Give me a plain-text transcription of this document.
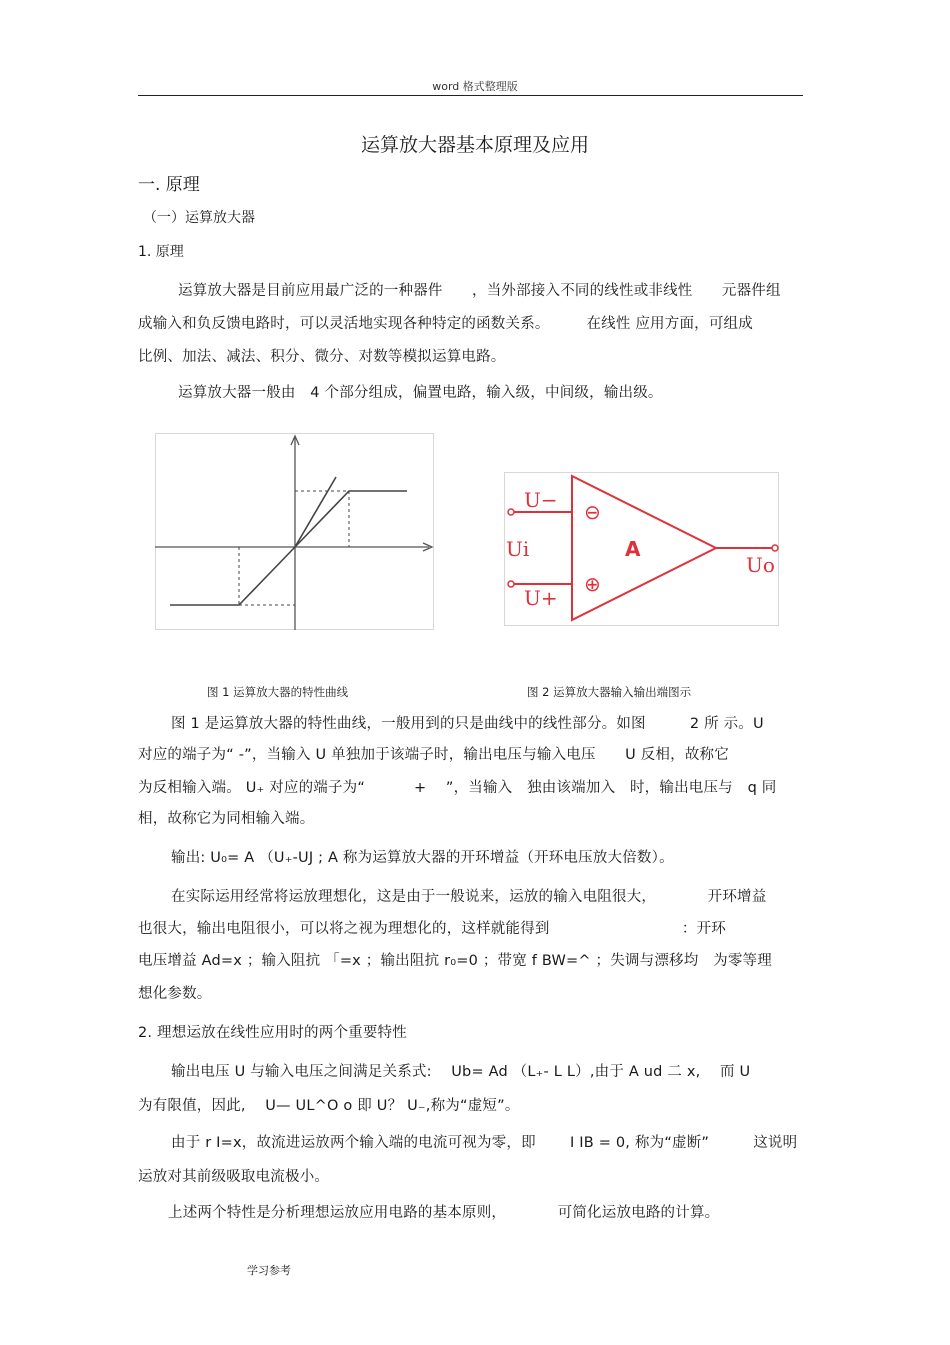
word 格式整理版
运算放大器基本原理及应用
一. 原理
（一）运算放大器
1. 原理
运算放大器是目前应用最广泛的一种器件　　，当外部接入不同的线性或非线性　　元器件组
成输入和负反馈电路时，可以灵活地实现各种特定的函数关系。　　　在线性 应用方面，可组成
比例、加法、减法、积分、微分、对数等模拟运算电路。
运算放大器一般由　4 个部分组成，偏置电路，输入级，中间级，输出级。
U−
Ui
U+
⊖
⊕
A
Uo
图 1 运算放大器的特性曲线	图 2 运算放大器输入输出端图示
图 1 是运算放大器的特性曲线，一般用到的只是曲线中的线性部分。如图　　　2 所 示。U
对应的端子为“ -”，当输入 U 单独加于该端子时，输出电压与输入电压　　U 反相，故称它
为反相输入端。 U₊ 对应的端子为“　　　 +　 ”，当输入　独由该端加入　时，输出电压与　q 同
相，故称它为同相输入端。
输出: U₀= A （U₊-UJ ; A 称为运算放大器的开环增益（开环电压放大倍数）。
在实际运用经常将运放理想化，这是由于一般说来，运放的输入电阻很大，　　　　开环增益
也很大，输出电阻很小，可以将之视为理想化的，这样就能得到　　　　　　　　　：开环
电压增益 Ad=x ；输入阻抗 「=x ；输出阻抗 r₀=0 ；带宽 f BW=^ ；失调与漂移均　为零等理
想化参数。
2. 理想运放在线性应用时的两个重要特性
输出电压 U 与输入电压之间满足关系式:　 Ub= Ad （L₊- L L）,由于 A ud 二 x,　 而 U
为有限值，因此,　 U— UL^O o 即 U？ U₋,称为“虚短”。
由于 r I=x，故流进运放两个输入端的电流可视为零，即　　 I IB = 0, 称为“虚断”　　　这说明
运放对其前级吸取电流极小。
上述两个特性是分析理想运放应用电路的基本原则，　　　　可简化运放电路的计算。
学习参考
